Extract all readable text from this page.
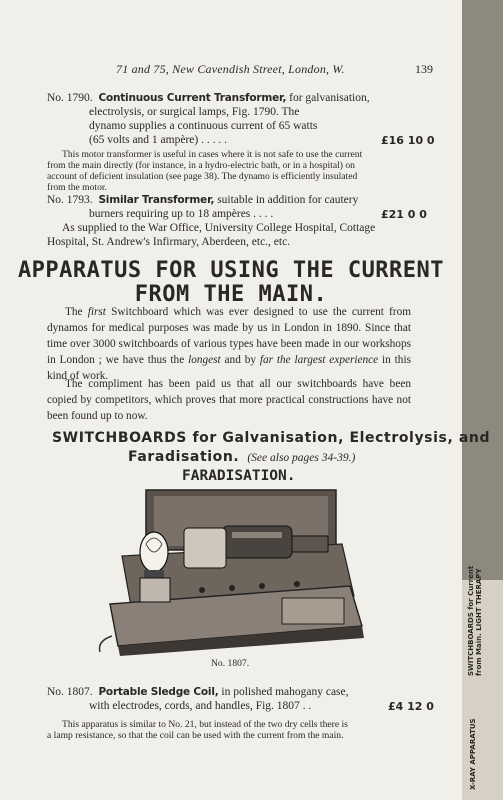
71 and 75, New Cavendish Street, London, W.	139
No. 1790. Continuous Current Transformer, for galvanisation,
electrolysis, or surgical lamps, Fig. 1790. The
dynamo supplies a continuous current of 65 watts
(65 volts and 1 ampère) . . . . .	£16 10 0
This motor transformer is useful in cases where it is not safe to use the current
from the main directly (for instance, in a hydro-electric bath, or in a hospital) on
account of deficient insulation (see page 38). The dynamo is efficiently insulated
from the motor.
No. 1793. Similar Transformer, suitable in addition for cautery
burners requiring up to 18 ampères . . . .	£21 0 0
As supplied to the War Office, University College Hospital, Cottage
Hospital, St. Andrew's Infirmary, Aberdeen, etc., etc.
APPARATUS FOR USING THE CURRENT
FROM THE MAIN.
The first Switchboard which was ever designed to use the current from dynamos for medical purposes was made by us in London in 1890. Since that time over 3000 switchboards of various types have been made in our workshops in London ; we have thus the longest and by far the largest experience in this kind of work.
The compliment has been paid us that all our switchboards have been copied by competitors, which proves that more practical constructions have not been found up to now.
SWITCHBOARDS for Galvanisation, Electrolysis, and
Faradisation. (See also pages 34-39.)
FARADISATION.
No. 1807.
No. 1807. Portable Sledge Coil, in polished mahogany case,
with electrodes, cords, and handles, Fig. 1807 . .	£4 12 0
This apparatus is similar to No. 21, but instead of the two dry cells there is
a lamp resistance, so that the coil can be used with the current from the main.
SWITCHBOARDS for Current from Main. LIGHT THERAPY
X-RAY APPARATUS
